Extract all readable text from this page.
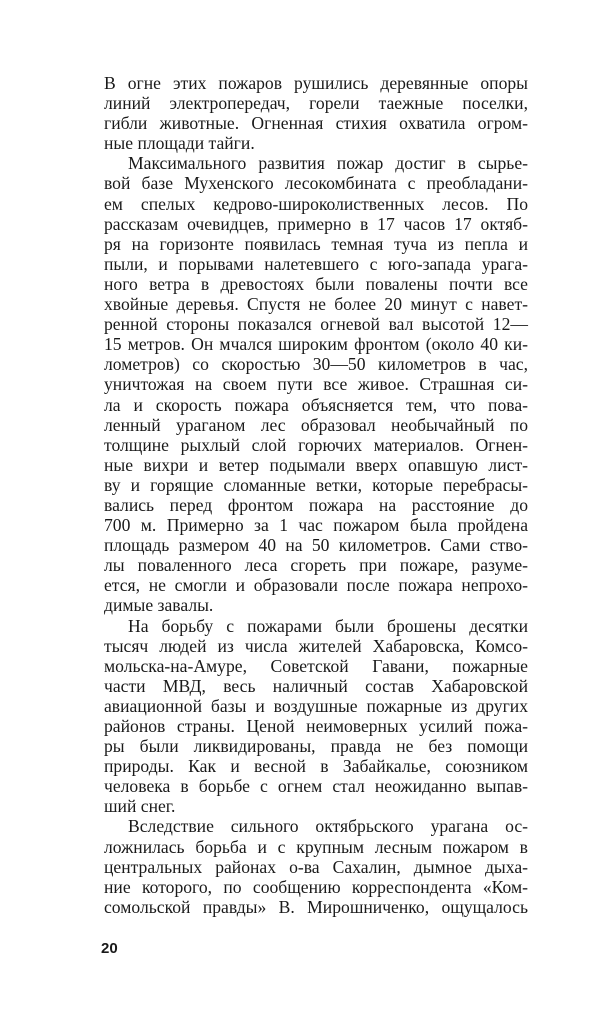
В огне этих пожаров рушились деревянные опоры
линий электропередач, горели таежные поселки,
гибли животные. Огненная стихия охватила огром-
ные площади тайги.
Максимального развития пожар достиг в сырье-
вой базе Мухенского лесокомбината с преобладани-
ем спелых кедрово-широколиственных лесов. По
рассказам очевидцев, примерно в 17 часов 17 октяб-
ря на горизонте появилась темная туча из пепла и
пыли, и порывами налетевшего с юго-запада урага-
ного ветра в древостоях были повалены почти все
хвойные деревья. Спустя не более 20 минут с навет-
ренной стороны показался огневой вал высотой 12—
15 метров. Он мчался широким фронтом (около 40 ки-
лометров) со скоростью 30—50 километров в час,
уничтожая на своем пути все живое. Страшная си-
ла и скорость пожара объясняется тем, что пова-
ленный ураганом лес образовал необычайный по
толщине рыхлый слой горючих материалов. Огнен-
ные вихри и ветер подымали вверх опавшую лист-
ву и горящие сломанные ветки, которые перебрасы-
вались перед фронтом пожара на расстояние до
700 м. Примерно за 1 час пожаром была пройдена
площадь размером 40 на 50 километров. Сами ство-
лы поваленного леса сгореть при пожаре, разуме-
ется, не смогли и образовали после пожара непрохо-
димые завалы.
На борьбу с пожарами были брошены десятки
тысяч людей из числа жителей Хабаровска, Комсо-
мольска-на-Амуре, Советской Гавани, пожарные
части МВД, весь наличный состав Хабаровской
авиационной базы и воздушные пожарные из других
районов страны. Ценой неимоверных усилий пожа-
ры были ликвидированы, правда не без помощи
природы. Как и весной в Забайкалье, союзником
человека в борьбе с огнем стал неожиданно выпав-
ший снег.
Вследствие сильного октябрьского урагана ос-
ложнилась борьба и с крупным лесным пожаром в
центральных районах о-ва Сахалин, дымное дыха-
ние которого, по сообщению корреспондента «Ком-
сомольской правды» В. Мирошниченко, ощущалось
20
